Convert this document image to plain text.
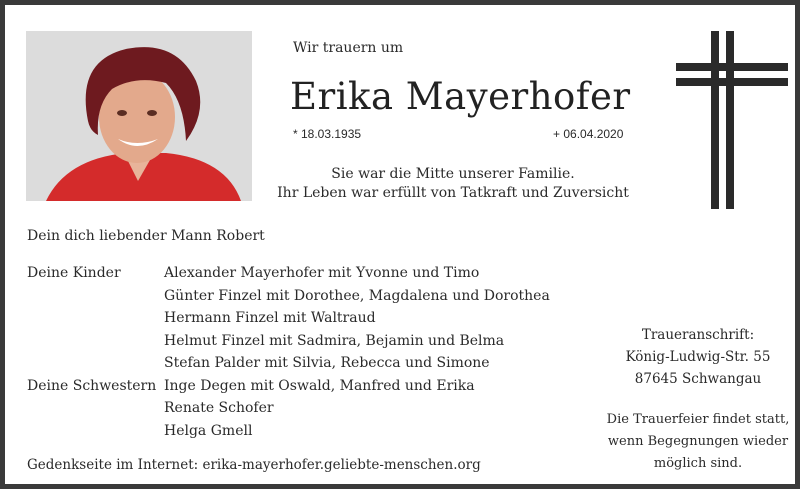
Wir trauern um
Erika Mayerhofer
* 18.03.1935	+ 06.04.2020
Sie war die Mitte unserer Familie.
Ihr Leben war erfüllt von Tatkraft und Zuversicht
Dein dich liebender Mann Robert
Deine Kinder	Alexander Mayerhofer mit Yvonne und Timo
Günter Finzel mit Dorothee, Magdalena und Dorothea
Hermann Finzel mit Waltraud
Helmut Finzel mit Sadmira, Bejamin und Belma
Stefan Palder mit Silvia, Rebecca und Simone
Deine Schwestern Inge Degen mit Oswald, Manfred und Erika
Renate Schofer
Helga Gmell
Traueranschrift:
König-Ludwig-Str. 55
87645 Schwangau
Die Trauerfeier findet statt,
wenn Begegnungen wieder
möglich sind.
Gedenkseite im Internet: erika-mayerhofer.geliebte-menschen.org
